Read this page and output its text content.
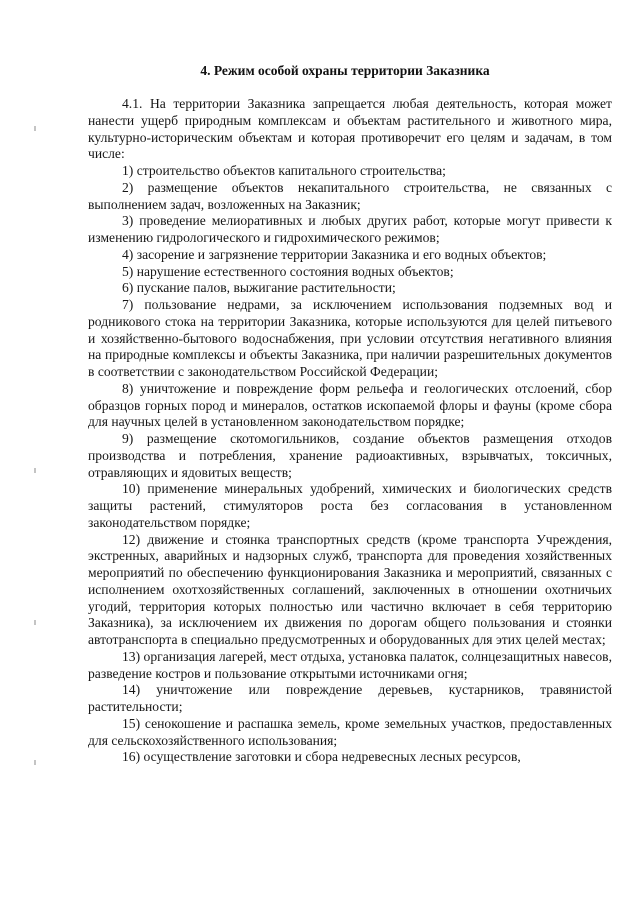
4. Режим особой охраны территории Заказника

4.1. На территории Заказника запрещается любая деятельность, которая может нанести ущерб природным комплексам и объектам растительного и животного мира, культурно-историческим объектам и которая противоречит его целям и задачам, в том числе:

1) строительство объектов капитального строительства;

2) размещение объектов некапитального строительства, не связанных с выполнением задач, возложенных на Заказник;

3) проведение мелиоративных и любых других работ, которые могут привести к изменению гидрологического и гидрохимического режимов;

4) засорение и загрязнение территории Заказника и его водных объектов;

5) нарушение естественного состояния водных объектов;

6) пускание палов, выжигание растительности;

7) пользование недрами, за исключением использования подземных вод и родникового стока на территории Заказника, которые используются для целей питьевого и хозяйственно-бытового водоснабжения, при условии отсутствия негативного влияния на природные комплексы и объекты Заказника, при наличии разрешительных документов в соответствии с законодательством Российской Федерации;

8) уничтожение и повреждение форм рельефа и геологических отслоений, сбор образцов горных пород и минералов, остатков ископаемой флоры и фауны (кроме сбора для научных целей в установленном законодательством порядке;

9) размещение скотомогильников, создание объектов размещения отходов производства и потребления, хранение радиоактивных, взрывчатых, токсичных, отравляющих и ядовитых веществ;

10) применение минеральных удобрений, химических и биологических средств защиты растений, стимуляторов роста без согласования в установленном законодательством порядке;

12) движение и стоянка транспортных средств (кроме транспорта Учреждения, экстренных, аварийных и надзорных служб, транспорта для проведения хозяйственных мероприятий по обеспечению функционирования Заказника и мероприятий, связанных с исполнением охотхозяйственных соглашений, заключенных в отношении охотничьих угодий, территория которых полностью или частично включает в себя территорию Заказника), за исключением их движения по дорогам общего пользования и стоянки автотранспорта в специально предусмотренных и оборудованных для этих целей местах;

13) организация лагерей, мест отдыха, установка палаток, солнцезащитных навесов, разведение костров и пользование открытыми источниками огня;

14) уничтожение или повреждение деревьев, кустарников, травянистой растительности;

15) сенокошение и распашка земель, кроме земельных участков, предоставленных для сельскохозяйственного использования;

16) осуществление заготовки и сбора недревесных лесных ресурсов,
